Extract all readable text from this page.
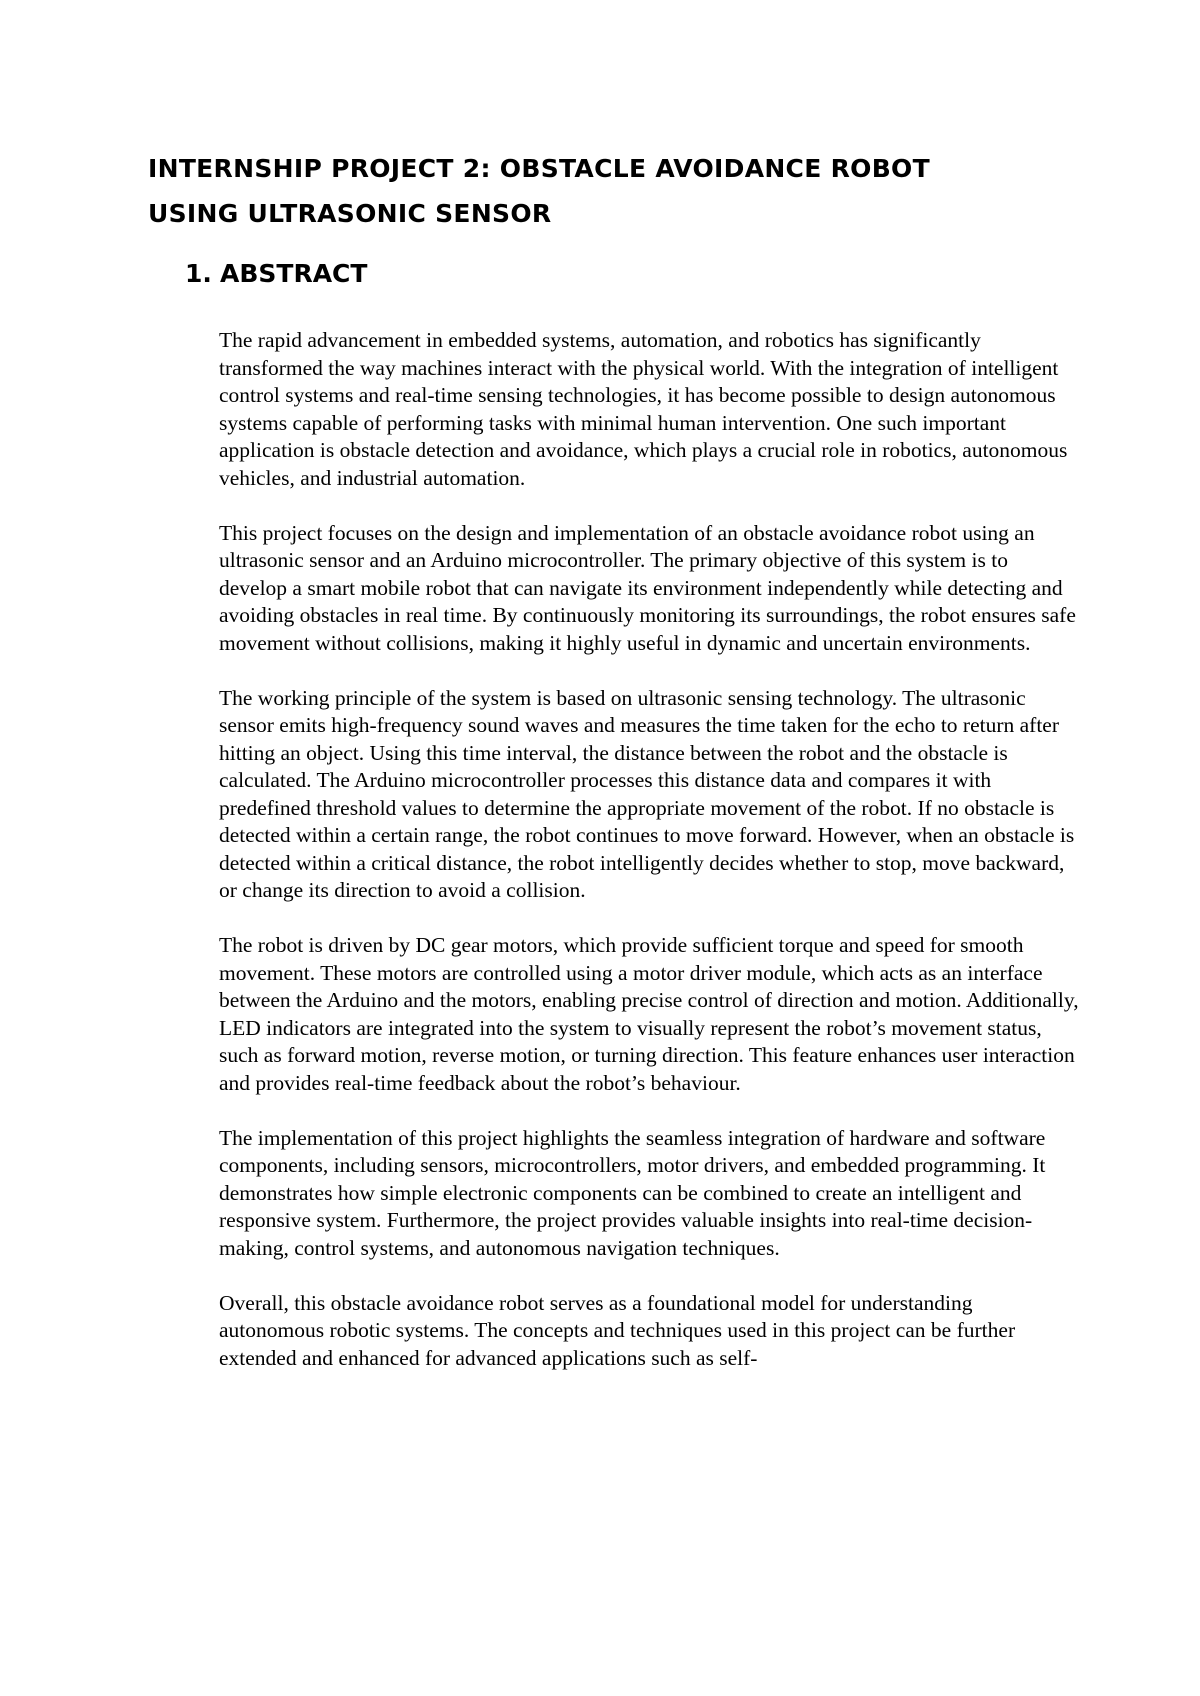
INTERNSHIP PROJECT 2: OBSTACLE AVOIDANCE ROBOT
USING ULTRASONIC SENSOR
1. ABSTRACT

The rapid advancement in embedded systems, automation, and robotics has significantly transformed the way machines interact with the physical world. With the integration of intelligent control systems and real-time sensing technologies, it has become possible to design autonomous systems capable of performing tasks with minimal human intervention. One such important application is obstacle detection and avoidance, which plays a crucial role in robotics, autonomous vehicles, and industrial automation.

This project focuses on the design and implementation of an obstacle avoidance robot using an ultrasonic sensor and an Arduino microcontroller. The primary objective of this system is to develop a smart mobile robot that can navigate its environment independently while detecting and avoiding obstacles in real time. By continuously monitoring its surroundings, the robot ensures safe movement without collisions, making it highly useful in dynamic and uncertain environments.

The working principle of the system is based on ultrasonic sensing technology. The ultrasonic sensor emits high-frequency sound waves and measures the time taken for the echo to return after hitting an object. Using this time interval, the distance between the robot and the obstacle is calculated. The Arduino microcontroller processes this distance data and compares it with predefined threshold values to determine the appropriate movement of the robot. If no obstacle is detected within a certain range, the robot continues to move forward. However, when an obstacle is detected within a critical distance, the robot intelligently decides whether to stop, move backward, or change its direction to avoid a collision.

The robot is driven by DC gear motors, which provide sufficient torque and speed for smooth movement. These motors are controlled using a motor driver module, which acts as an interface between the Arduino and the motors, enabling precise control of direction and motion. Additionally, LED indicators are integrated into the system to visually represent the robot’s movement status, such as forward motion, reverse motion, or turning direction. This feature enhances user interaction and provides real-time feedback about the robot’s behaviour.

The implementation of this project highlights the seamless integration of hardware and software components, including sensors, microcontrollers, motor drivers, and embedded programming. It demonstrates how simple electronic components can be combined to create an intelligent and responsive system. Furthermore, the project provides valuable insights into real-time decision-making, control systems, and autonomous navigation techniques.

Overall, this obstacle avoidance robot serves as a foundational model for understanding autonomous robotic systems. The concepts and techniques used in this project can be further extended and enhanced for advanced applications such as self-
